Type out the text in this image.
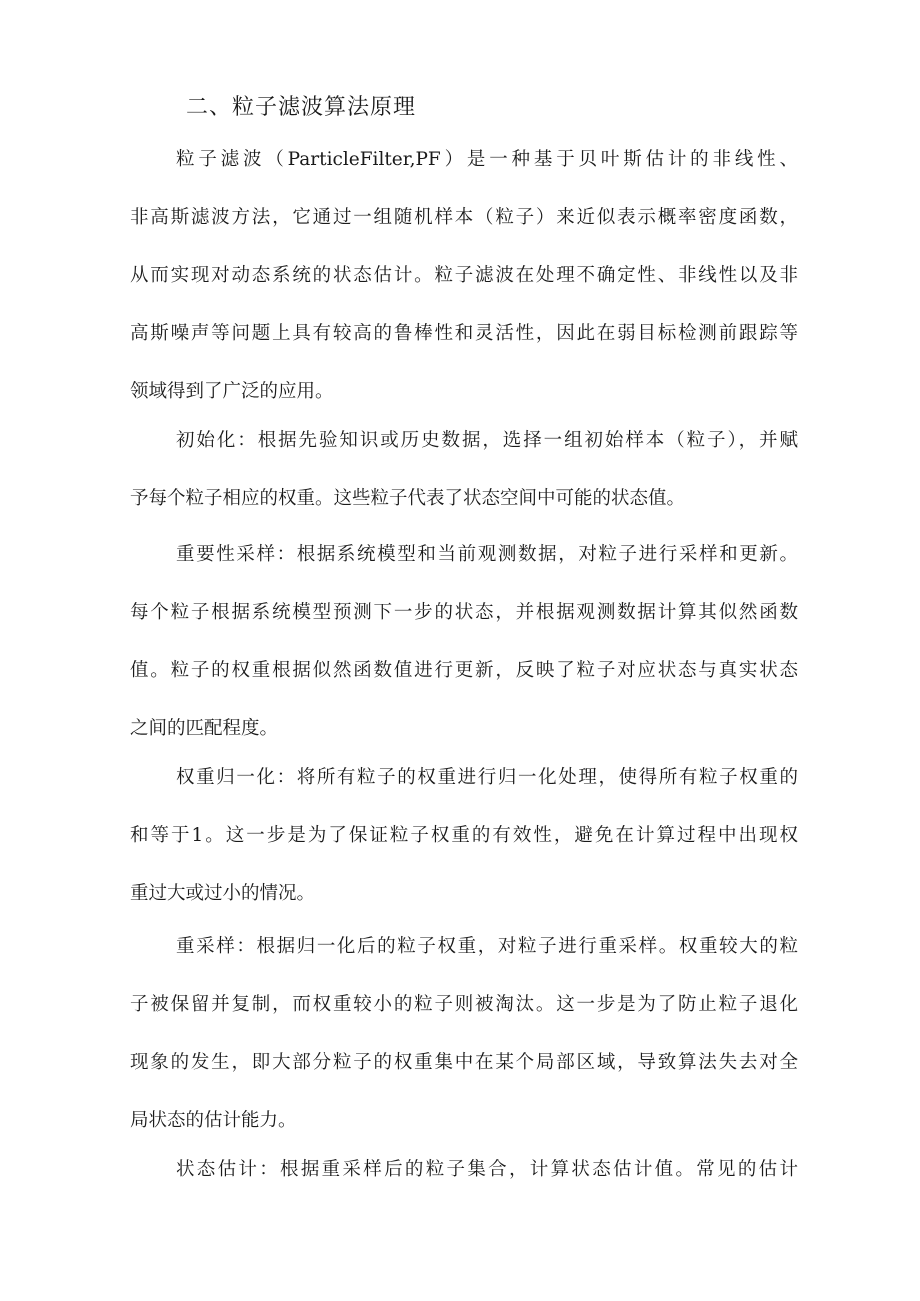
二、粒子滤波算法原理
粒子滤波（ParticleFilter,PF）是一种基于贝叶斯估计的非线性、
非高斯滤波方法，它通过一组随机样本（粒子）来近似表示概率密度函数，
从而实现对动态系统的状态估计。粒子滤波在处理不确定性、非线性以及非
高斯噪声等问题上具有较高的鲁棒性和灵活性，因此在弱目标检测前跟踪等
领域得到了广泛的应用。
初始化：根据先验知识或历史数据，选择一组初始样本（粒子），并赋
予每个粒子相应的权重。这些粒子代表了状态空间中可能的状态值。
重要性采样：根据系统模型和当前观测数据，对粒子进行采样和更新。
每个粒子根据系统模型预测下一步的状态，并根据观测数据计算其似然函数
值。粒子的权重根据似然函数值进行更新，反映了粒子对应状态与真实状态
之间的匹配程度。
权重归一化：将所有粒子的权重进行归一化处理，使得所有粒子权重的
和等于1。这一步是为了保证粒子权重的有效性，避免在计算过程中出现权
重过大或过小的情况。
重采样：根据归一化后的粒子权重，对粒子进行重采样。权重较大的粒
子被保留并复制，而权重较小的粒子则被淘汰。这一步是为了防止粒子退化
现象的发生，即大部分粒子的权重集中在某个局部区域，导致算法失去对全
局状态的估计能力。
状态估计：根据重采样后的粒子集合，计算状态估计值。常见的估计
